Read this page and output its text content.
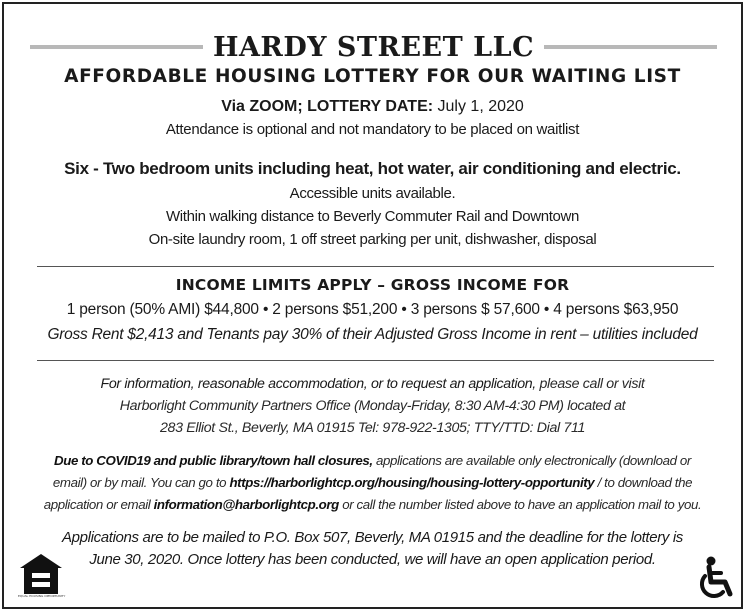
HARDY STREET LLC
AFFORDABLE HOUSING LOTTERY FOR OUR WAITING LIST
Via ZOOM; LOTTERY DATE: July 1, 2020
Attendance is optional and not mandatory to be placed on waitlist
Six - Two bedroom units including heat, hot water, air conditioning and electric.
Accessible units available.
Within walking distance to Beverly Commuter Rail and Downtown
On-site laundry room, 1 off street parking per unit, dishwasher, disposal
INCOME LIMITS APPLY – GROSS INCOME FOR
1 person (50% AMI) $44,800 • 2 persons $51,200 • 3 persons $ 57,600 • 4 persons $63,950
Gross Rent $2,413 and Tenants pay 30% of their Adjusted Gross Income in rent – utilities included
For information, reasonable accommodation, or to request an application, please call or visit
Harborlight Community Partners Office (Monday-Friday, 8:30 AM-4:30 PM) located at
283 Elliot St., Beverly, MA 01915 Tel: 978-922-1305; TTY/TTD: Dial 711
Due to COVID19 and public library/town hall closures, applications are available only electronically (download or
email) or by mail. You can go to https://harborlightcp.org/housing/housing-lottery-opportunity / to download the
application or email information@harborlightcp.org or call the number listed above to have an application mail to you.
Applications are to be mailed to P.O. Box 507, Beverly, MA 01915 and the deadline for the lottery is
June 30, 2020. Once lottery has been conducted, we will have an open application period.
EQUAL HOUSING OPPORTUNITY
